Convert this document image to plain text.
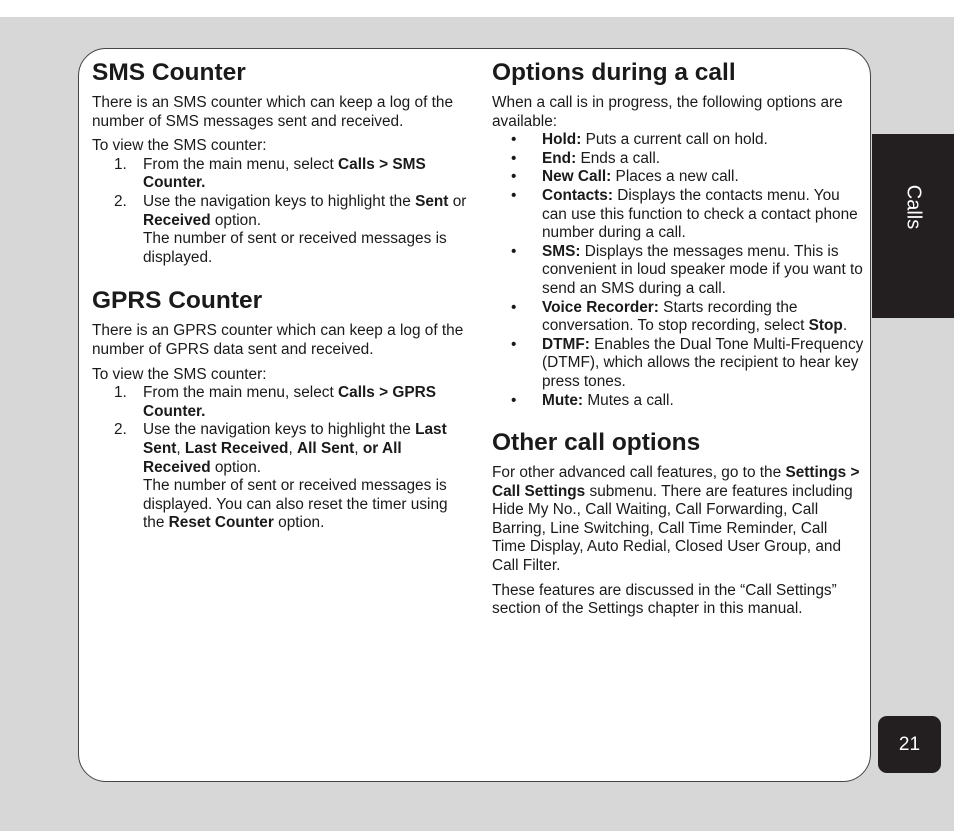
SMS Counter

There is an SMS counter which can keep a log of the number of SMS messages sent and received.

To view the SMS counter:

1. From the main menu, select Calls > SMS Counter.
2. Use the navigation keys to highlight the Sent or Received option.
The number of sent or received messages is displayed.
GPRS Counter

There is an GPRS counter which can keep a log of the number of GPRS data sent and received.

To view the SMS counter:

1. From the main menu, select Calls > GPRS Counter.
2. Use the navigation keys to highlight the Last Sent, Last Received, All Sent, or All Received option.
The number of sent or received messages is displayed. You can also reset the timer using the Reset Counter option.
Options during a call

When a call is in progress, the following options are available:

• Hold: Puts a current call on hold.
• End: Ends a call.
• New Call: Places a new call.
• Contacts: Displays the contacts menu. You can use this function to check a contact phone number during a call.
• SMS: Displays the messages menu. This is convenient in loud speaker mode if you want to send an SMS during a call.
• Voice Recorder: Starts recording the conversation. To stop recording, select Stop.
• DTMF: Enables the Dual Tone Multi-Frequency (DTMF), which allows the recipient to hear key press tones.
• Mute: Mutes a call.
Other call options

For other advanced call features, go to the Settings > Call Settings submenu. There are features including Hide My No., Call Waiting, Call Forwarding, Call Barring, Line Switching, Call Time Reminder, Call Time Display, Auto Redial, Closed User Group, and Call Filter.

These features are discussed in the “Call Settings” section of the Settings chapter in this manual.

Calls
21
